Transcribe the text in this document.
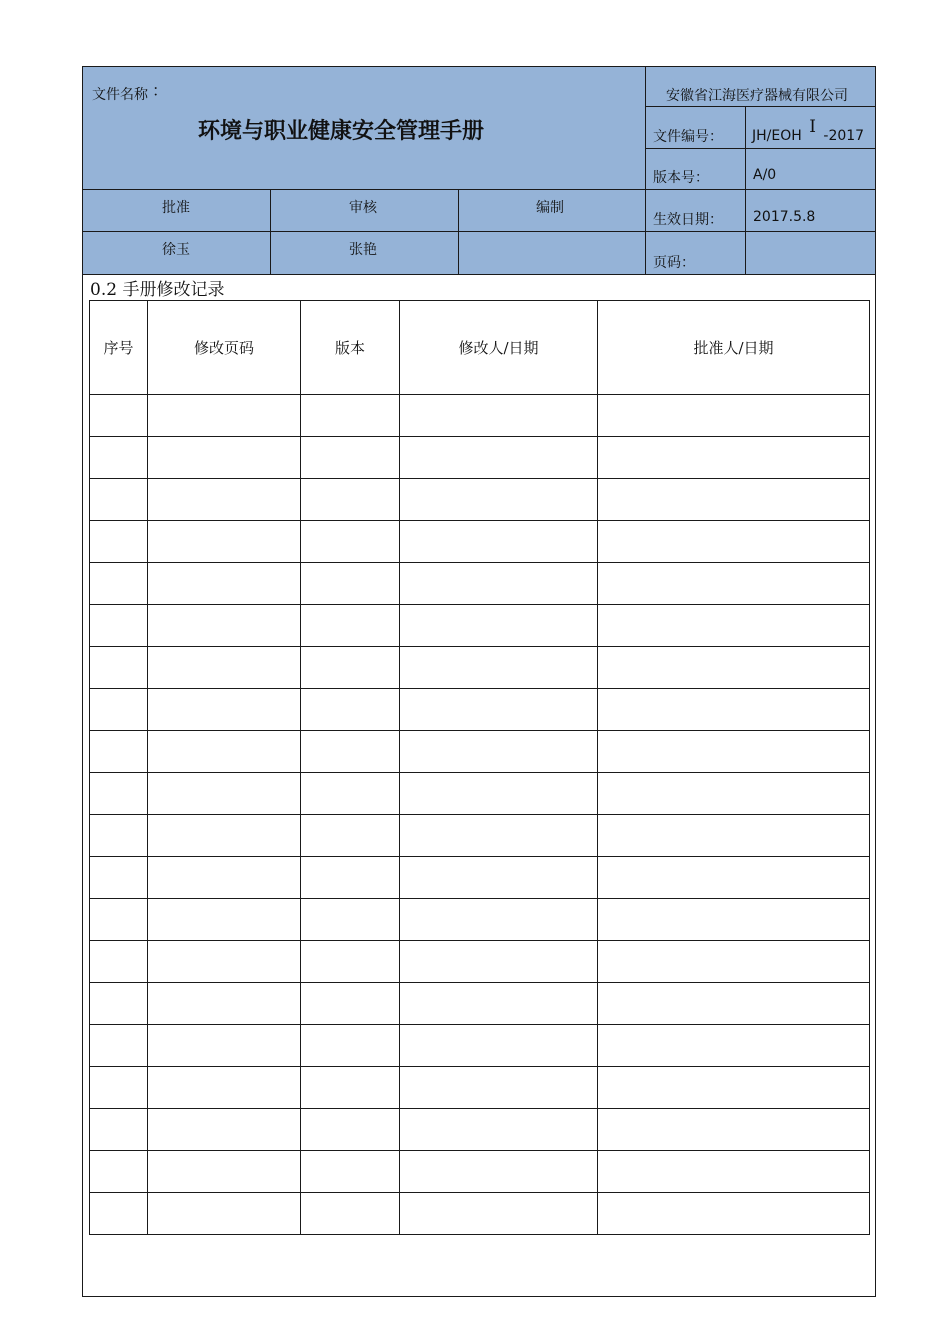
文件名称 ：
环境与职业健康安全管理手册
安徽省江海医疗器械有限公司
文件编号： JH/EOH Ⅰ -2017
版本号：	A/0
生效日期： 2017.5.8
页码：
批准	审核	编制
徐玉	张艳
0.2 手册修改记录
序号	修改页码	版本	修改人/日期	批准人/日期
